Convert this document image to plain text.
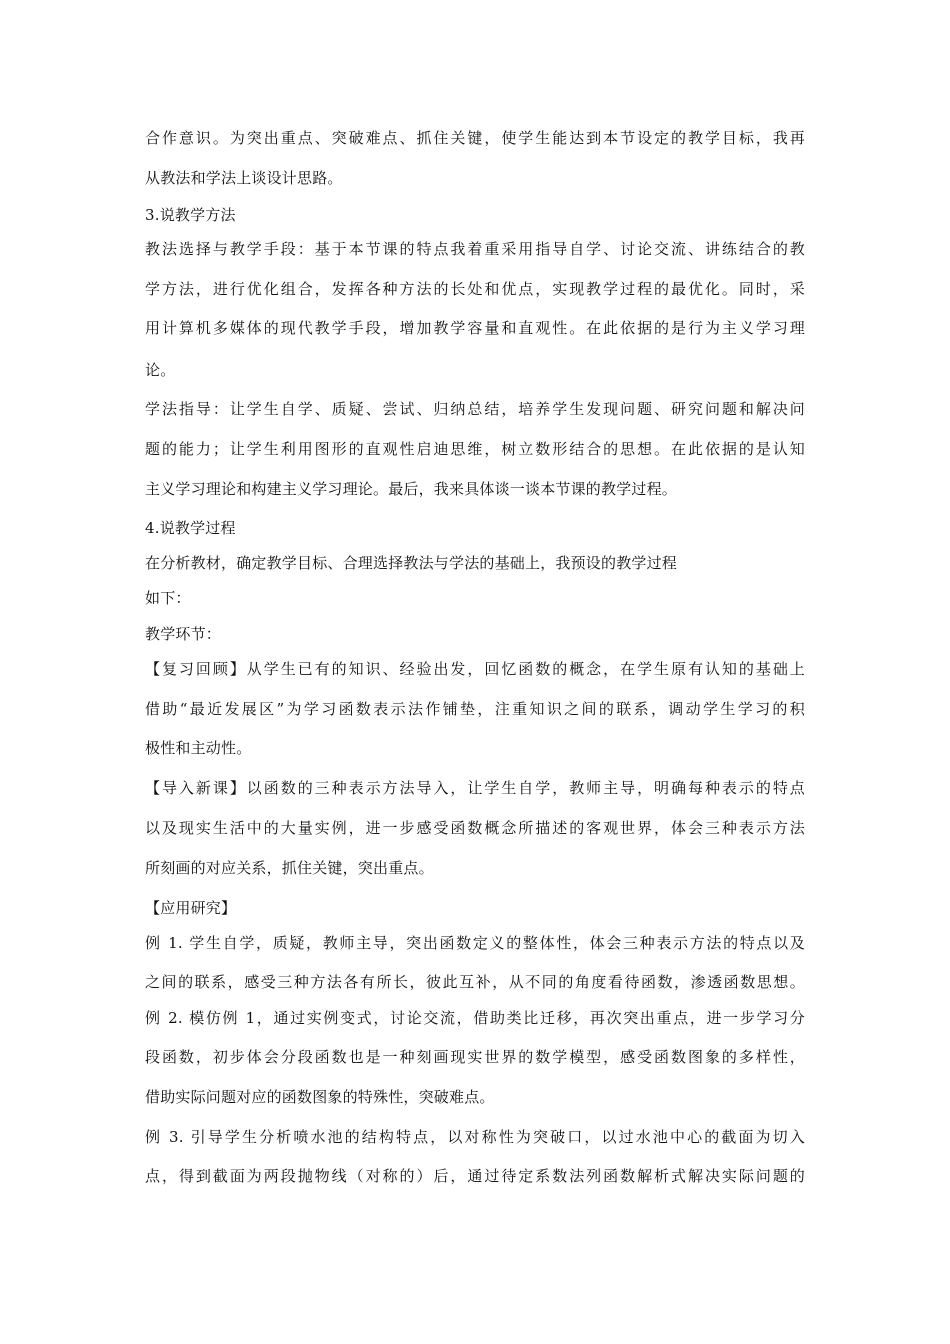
合作意识。为突出重点、突破难点、抓住关键，使学生能达到本节设定的教学目标，我再
从教法和学法上谈设计思路。
3.说教学方法
教法选择与教学手段：基于本节课的特点我着重采用指导自学、讨论交流、讲练结合的教
学方法，进行优化组合，发挥各种方法的长处和优点，实现教学过程的最优化。同时，采
用计算机多媒体的现代教学手段，增加教学容量和直观性。在此依据的是行为主义学习理
论。
学法指导：让学生自学、质疑、尝试、归纳总结，培养学生发现问题、研究问题和解决问
题的能力；让学生利用图形的直观性启迪思维，树立数形结合的思想。在此依据的是认知
主义学习理论和构建主义学习理论。最后，我来具体谈一谈本节课的教学过程。
4.说教学过程
在分析教材，确定教学目标、合理选择教法与学法的基础上，我预设的教学过程
如下：
教学环节：
【复习回顾】从学生已有的知识、经验出发，回忆函数的概念，在学生原有认知的基础上
借助“最近发展区”为学习函数表示法作铺垫，注重知识之间的联系，调动学生学习的积
极性和主动性。
【导入新课】以函数的三种表示方法导入，让学生自学，教师主导，明确每种表示的特点
以及现实生活中的大量实例，进一步感受函数概念所描述的客观世界，体会三种表示方法
所刻画的对应关系，抓住关键，突出重点。
【应用研究】
例 1. 学生自学，质疑，教师主导，突出函数定义的整体性，体会三种表示方法的特点以及
之间的联系，感受三种方法各有所长，彼此互补，从不同的角度看待函数，渗透函数思想。
例 2. 模仿例 1，通过实例变式，讨论交流，借助类比迁移，再次突出重点，进一步学习分
段函数，初步体会分段函数也是一种刻画现实世界的数学模型，感受函数图象的多样性，
借助实际问题对应的函数图象的特殊性，突破难点。
例 3. 引导学生分析喷水池的结构特点，以对称性为突破口，以过水池中心的截面为切入
点，得到截面为两段抛物线（对称的）后，通过待定系数法列函数解析式解决实际问题的
